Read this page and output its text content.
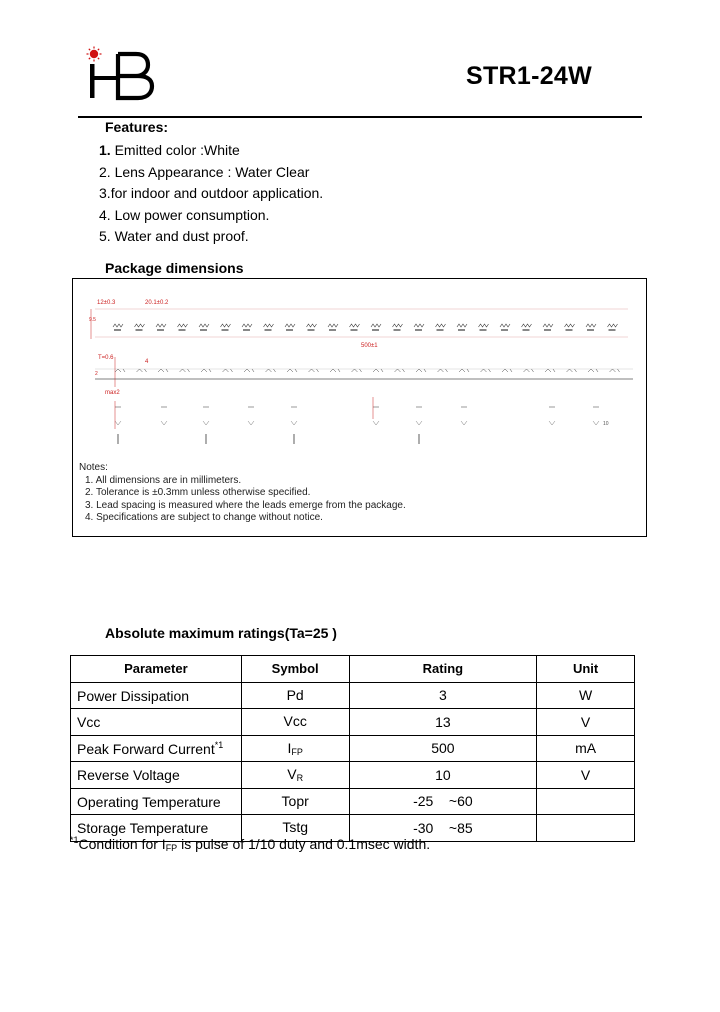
STR1-24W
Features:
1. Emitted color :White
2. Lens Appearance : Water Clear
3.for indoor and outdoor application.
4. Low power consumption.
5. Water and dust proof.
Package dimensions
12±0.3	20.1±0.2
500±1
T=0.6
4
9.5
max2
2
10
Notes:
1. All dimensions are in millimeters.
2. Tolerance is ±0.3mm unless otherwise specified.
3. Lead spacing is measured where the leads emerge from the package.
4. Specifications are subject to change without notice.
Absolute maximum ratings(Ta=25 )
Parameter	Symbol	Rating	Unit
Power Dissipation	Pd	3	W
Vcc	Vcc	13	V
Peak Forward Current$^{*1}$	$I_{FP}$	500	mA
Reverse Voltage	$V_R$	10	V
Operating Temperature	Topr	-25    ~60	
Storage Temperature	Tstg	-30    ~85	
$^{*1}$Condition for $I_{FP}$ is pulse of 1/10 duty and 0.1msec width.
